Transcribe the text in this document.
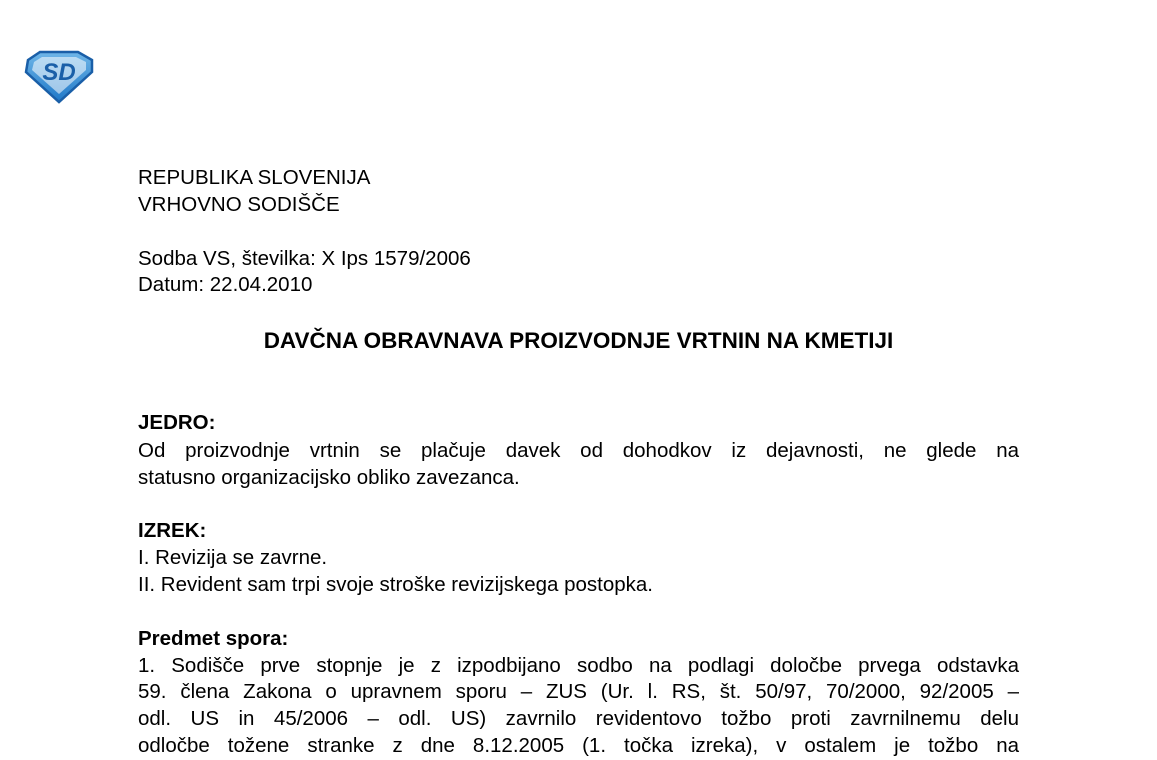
SD
REPUBLIKA SLOVENIJA
VRHOVNO SODIŠČE
Sodba VS, številka: X Ips 1579/2006
Datum: 22.04.2010
DAVČNA OBRAVNAVA PROIZVODNJE VRTNIN NA KMETIJI
JEDRO:
Od proizvodnje vrtnin se plačuje davek od dohodkov iz dejavnosti, ne glede na
statusno organizacijsko obliko zavezanca.
IZREK:
I. Revizija se zavrne.
II. Revident sam trpi svoje stroške revizijskega postopka.
Predmet spora:
1. Sodišče prve stopnje je z izpodbijano sodbo na podlagi določbe prvega odstavka
59. člena Zakona o upravnem sporu – ZUS (Ur. l. RS, št. 50/97, 70/2000, 92/2005 –
odl. US in 45/2006 – odl. US) zavrnilo revidentovo tožbo proti zavrnilnemu delu
odločbe tožene stranke z dne 8.12.2005 (1. točka izreka), v ostalem je tožbo na
